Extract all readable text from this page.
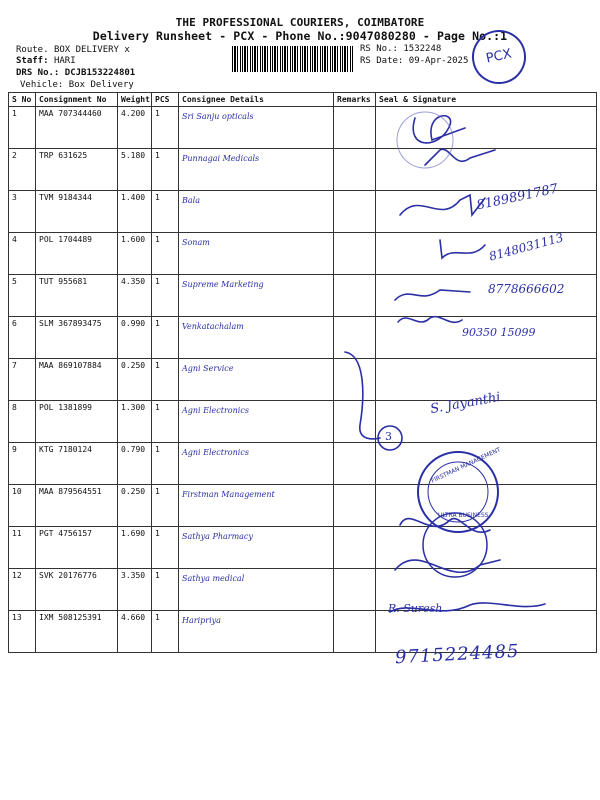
THE PROFESSIONAL COURIERS, COIMBATORE
Delivery Runsheet - PCX - Phone No.:9047080280 - Page No.:1
Route. BOX DELIVERY x
Staff: HARI
DRS No.: DCJB153224801
Vehicle: Box Delivery
RS No.: 1532248
RS Date: 09-Apr-2025	PCX
S No	Consignment No	Weight	PCS	Consignee Details	Remarks	Seal & Signature
1	MAA 707344460	4.200	1	Sri Sanju opticals		
2	TRP 631625	5.180	1	Punnagai Medicals		
3	TVM 9184344	1.400	1	Bala		
4	POL 1704489	1.600	1	Sonam		
5	TUT 955681	4.350	1	Supreme Marketing		
6	SLM 367893475	0.990	1	Venkatachalam		
7	MAA 869107884	0.250	1	Agni Service		
8	POL 1381899	1.300	1	Agni Electronics		
9	KTG 7180124	0.790	1	Agni Electronics		
10	MAA 879564551	0.250	1	Firstman Management		
11	PGT 4756157	1.690	1	Sathya Pharmacy		
12	SVK 20176776	3.350	1	Sathya medical		
13	IXM 508125391	4.660	1	Haripriya		
8189891787
8148031113
8778666602
90350 15099
S. Jayanthi
3
R. Suresh
9715224485
FIRSTMAN MANAGEMENT
ULTRA BUSINESS
